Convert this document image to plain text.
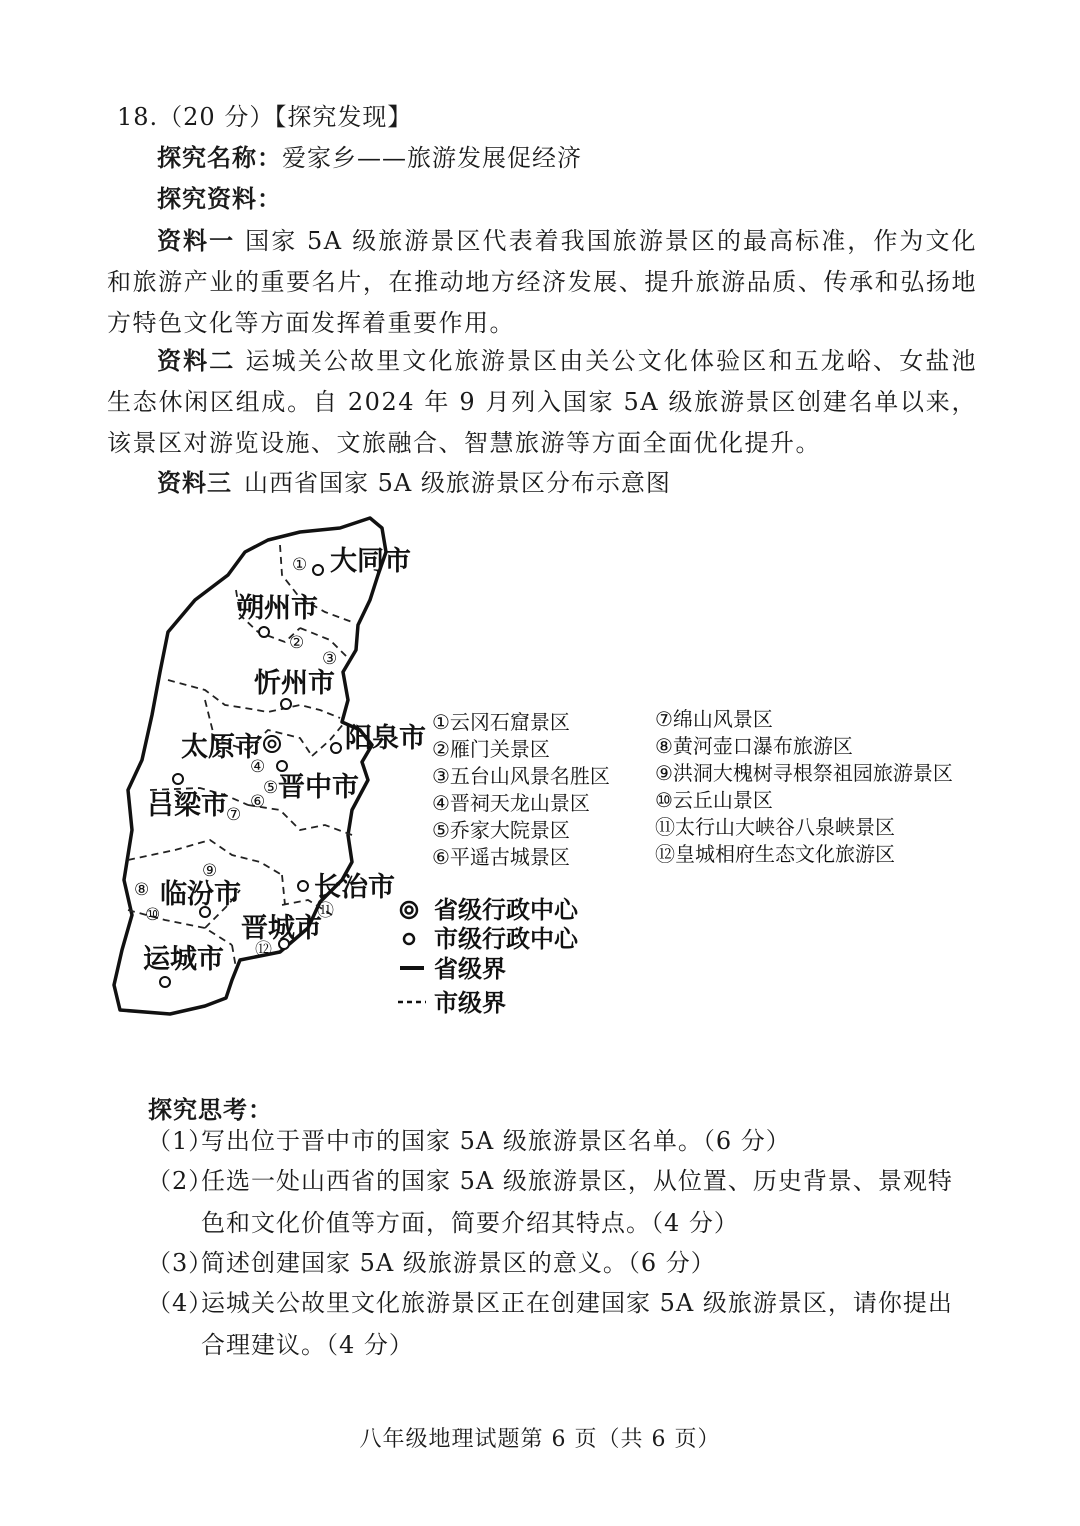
18.（20 分）【探究发现】
探究名称：爱家乡——旅游发展促经济
探究资料：
资料一 国家 5A 级旅游景区代表着我国旅游景区的最高标准，作为文化和旅游产业的重要名片，在推动地方经济发展、提升旅游品质、传承和弘扬地方特色文化等方面发挥着重要作用。
资料二 运城关公故里文化旅游景区由关公文化体验区和五龙峪、女盐池生态休闲区组成。自 2024 年 9 月列入国家 5A 级旅游景区创建名单以来，该景区对游览设施、文旅融合、智慧旅游等方面全面优化提升。
资料三 山西省国家 5A 级旅游景区分布示意图
大同市
朔州市
忻州市
阳泉市
太原市
晋中市
吕梁市
临汾市	长治市
晋城市
运城市
①
②
③
④
⑤
⑥
⑦
⑧
⑨
⑩	⑪
⑫
①云冈石窟景区
②雁门关景区
③五台山风景名胜区
④晋祠天龙山景区
⑤乔家大院景区
⑥平遥古城景区
⑦绵山风景区
⑧黄河壶口瀑布旅游区
⑨洪洞大槐树寻根祭祖园旅游景区
⑩云丘山景区
⑪太行山大峡谷八泉峡景区
⑫皇城相府生态文化旅游区
省级行政中心
市级行政中心
省级界
市级界
探究思考：
（1）写出位于晋中市的国家 5A 级旅游景区名单。（6 分）
（2）任选一处山西省的国家 5A 级旅游景区，从位置、历史背景、景观特
色和文化价值等方面，简要介绍其特点。（4 分）
（3）简述创建国家 5A 级旅游景区的意义。（6 分）
（4）运城关公故里文化旅游景区正在创建国家 5A 级旅游景区，请你提出
合理建议。（4 分）
八年级地理试题第 6 页（共 6 页）
